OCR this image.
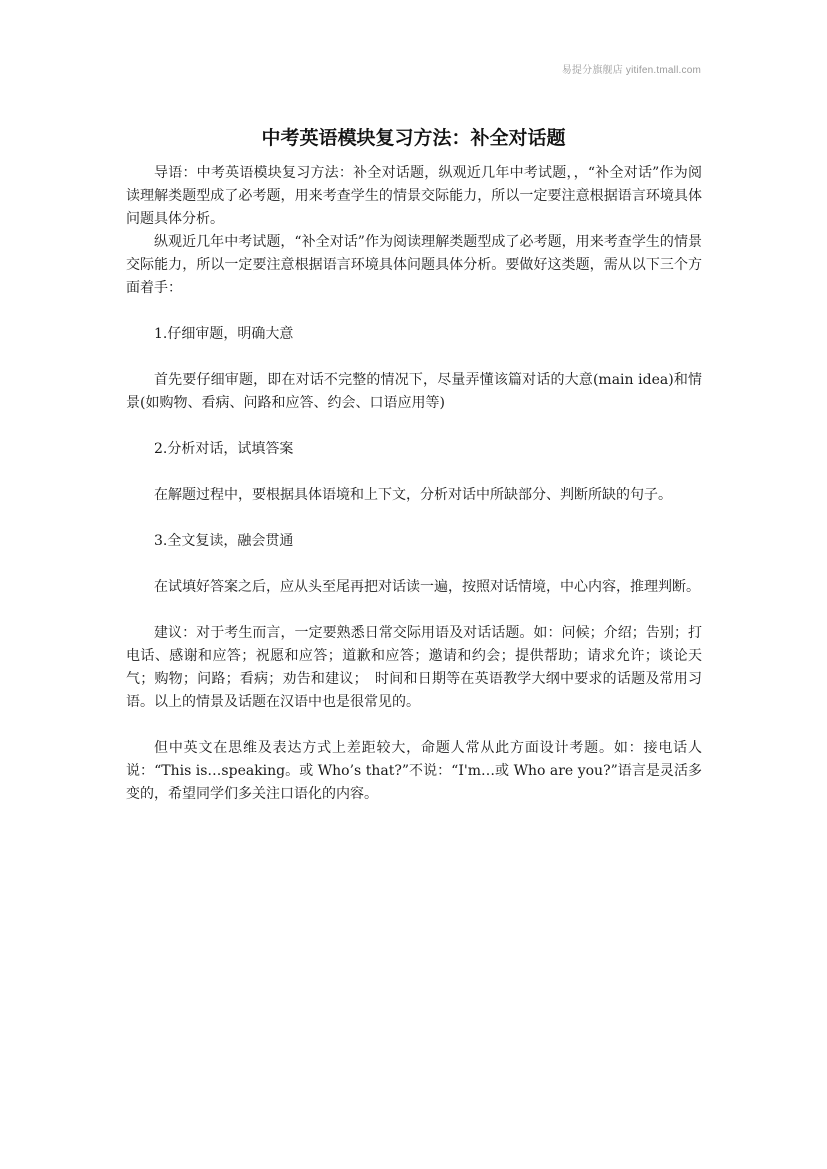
易提分旗舰店 yitifen.tmall.com
中考英语模块复习方法：补全对话题

导语：中考英语模块复习方法：补全对话题，纵观近几年中考试题，，“补全对话”作为阅读理解类题型成了必考题，用来考查学生的情景交际能力，所以一定要注意根据语言环境具体问题具体分析。

纵观近几年中考试题，“补全对话”作为阅读理解类题型成了必考题，用来考查学生的情景交际能力，所以一定要注意根据语言环境具体问题具体分析。要做好这类题，需从以下三个方面着手：

1.仔细审题，明确大意

首先要仔细审题，即在对话不完整的情况下，尽量弄懂该篇对话的大意(main idea)和情景(如购物、看病、问路和应答、约会、口语应用等)

2.分析对话，试填答案

在解题过程中，要根据具体语境和上下文，分析对话中所缺部分、判断所缺的句子。

3.全文复读，融会贯通

在试填好答案之后，应从头至尾再把对话读一遍，按照对话情境，中心内容，推理判断。

建议：对于考生而言，一定要熟悉日常交际用语及对话话题。如：问候；介绍；告别；打电话、感谢和应答；祝愿和应答；道歉和应答；邀请和约会；提供帮助；请求允许；谈论天气；购物；问路；看病；劝告和建议；　时间和日期等在英语教学大纲中要求的话题及常用习语。以上的情景及话题在汉语中也是很常见的。

但中英文在思维及表达方式上差距较大，命题人常从此方面设计考题。如：接电话人说：“This is…speaking。或 Who’s that?”不说：“I'm…或 Who are you?”语言是灵活多变的，希望同学们多关注口语化的内容。
